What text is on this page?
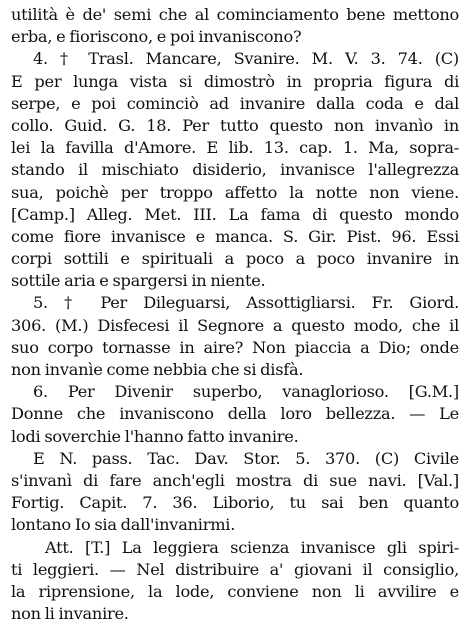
utilità è de' semi che al cominciamento bene mettono
erba, e fioriscono, e poi invaniscono?
4. † Trasl. Mancare, Svanire. M. V. 3. 74. (C)
E per lunga vista si dimostrò in propria figura di
serpe, e poi cominciò ad invanire dalla coda e dal
collo. Guid. G. 18. Per tutto questo non invanìo in
lei la favilla d'Amore. E lib. 13. cap. 1. Ma, sopra-
stando il mischiato disiderio, invanisce l'allegrezza
sua, poichè per troppo affetto la notte non viene.
[Camp.] Alleg. Met. III. La fama di questo mondo
come fiore invanisce e manca. S. Gir. Pist. 96. Essi
corpi sottili e spirituali a poco a poco invanire in
sottile aria e spargersi in niente.
5. † Per Dileguarsi, Assottigliarsi. Fr. Giord.
306. (M.) Disfecesi il Segnore a questo modo, che il
suo corpo tornasse in aire? Non piaccia a Dio; onde
non invanìe come nebbia che si disfà.
6. Per Divenir superbo, vanaglorioso. [G.M.]
Donne che invaniscono della loro bellezza. — Le
lodi soverchie l'hanno fatto invanire.
E N. pass. Tac. Dav. Stor. 5. 370. (C) Civile
s'invanì di fare anch'egli mostra di sue navi. [Val.]
Fortig. Capit. 7. 36. Liborio, tu sai ben quanto
lontano Io sia dall'invanirmi.
Att. [T.] La leggiera scienza invanisce gli spiri-
ti leggieri. — Nel distribuire a' giovani il consiglio,
la riprensione, la lode, conviene non li avvilire e
non li invanire.
